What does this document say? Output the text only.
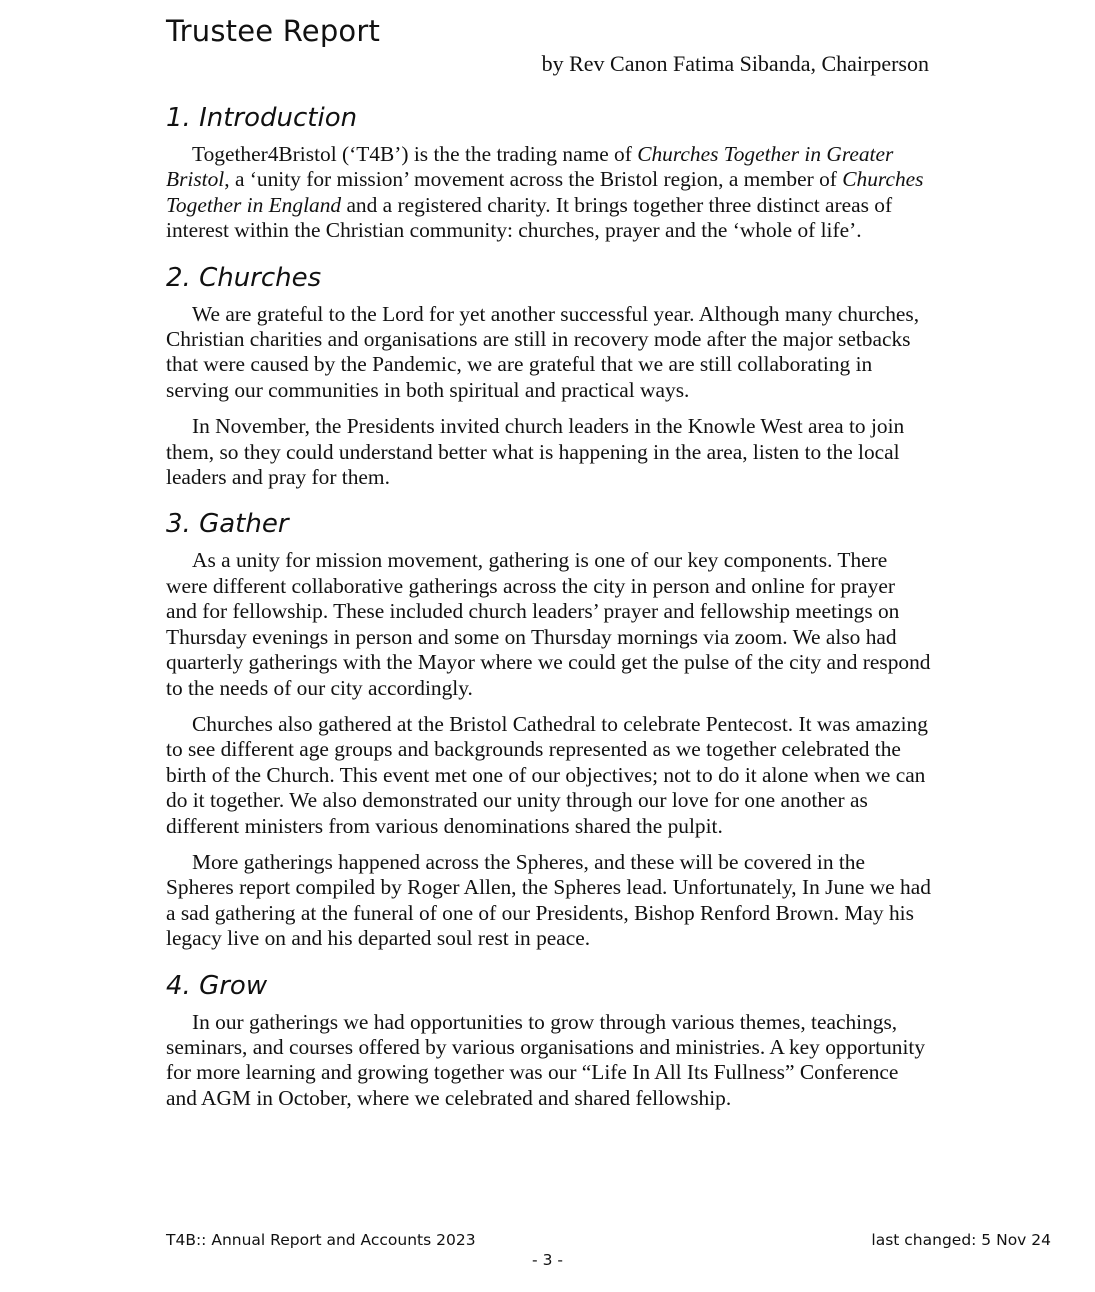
Trustee Report
by Rev Canon Fatima Sibanda, Chairperson
1. Introduction

Together4Bristol (‘T4B’) is the the trading name of Churches Together in Greater Bristol, a ‘unity for mission’ movement across the Bristol region, a member of Churches Together in England and a registered charity. It brings together three distinct areas of interest within the Christian community: churches, prayer and the ‘whole of life’.

2. Churches

We are grateful to the Lord for yet another successful year. Although many churches, Christian charities and organisations are still in recovery mode after the major setbacks that were caused by the Pandemic, we are grateful that we are still collaborating in serving our communities in both spiritual and practical ways.

In November, the Presidents invited church leaders in the Knowle West area to join them, so they could understand better what is happening in the area, listen to the local leaders and pray for them.

3. Gather

As a unity for mission movement, gathering is one of our key components. There were different collaborative gatherings across the city in person and online for prayer and for fellowship. These included church leaders’ prayer and fellowship meetings on Thursday evenings in person and some on Thursday mornings via zoom. We also had quarterly gatherings with the Mayor where we could get the pulse of the city and respond to the needs of our city accordingly.

Churches also gathered at the Bristol Cathedral to celebrate Pentecost. It was amazing to see different age groups and backgrounds represented as we together celebrated the birth of the Church. This event met one of our objectives; not to do it alone when we can do it together. We also demonstrated our unity through our love for one another as different ministers from various denominations shared the pulpit.

More gatherings happened across the Spheres, and these will be covered in the Spheres report compiled by Roger Allen, the Spheres lead. Unfortunately, In June we had a sad gathering at the funeral of one of our Presidents, Bishop Renford Brown. May his legacy live on and his departed soul rest in peace.

4. Grow

In our gatherings we had opportunities to grow through various themes, teachings, seminars, and courses offered by various organisations and ministries. A key opportunity for more learning and growing together was our “Life In All Its Fullness” Conference and AGM in October, where we celebrated and shared fellowship.

T4B:: Annual Report and Accounts 2023	last changed: 5 Nov 24
- 3 -
